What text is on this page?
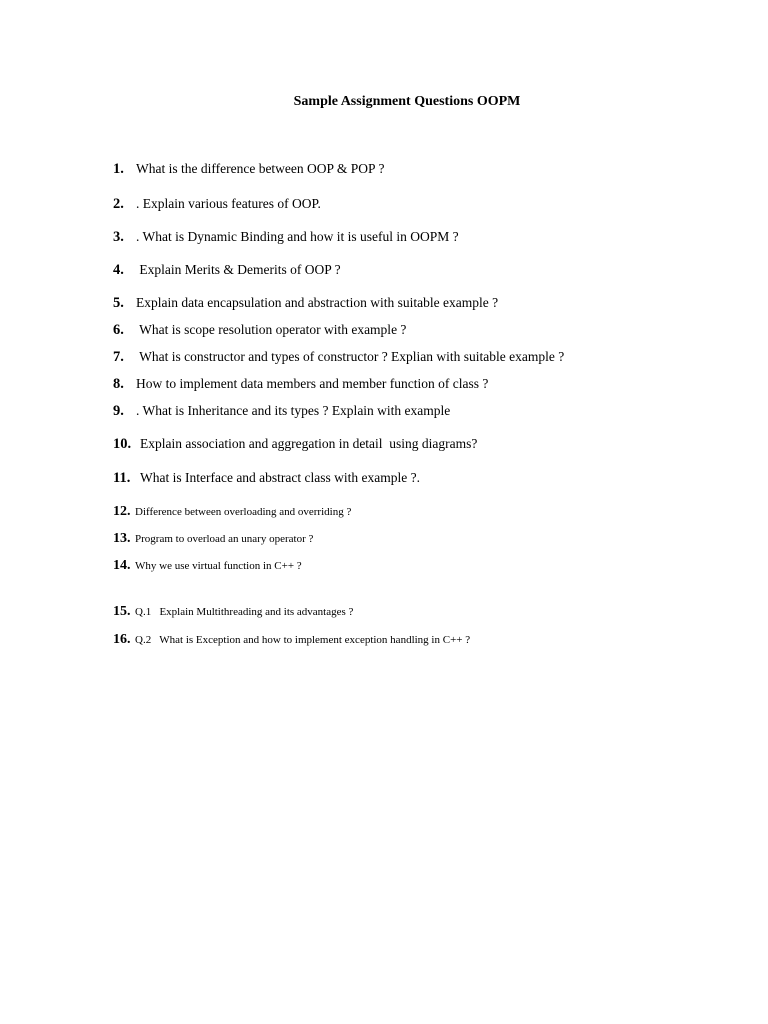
Sample Assignment Questions OOPM
1. What is the difference between OOP & POP ?
2. . Explain various features of OOP.
3. . What is Dynamic Binding and how it is useful in OOPM ?
4. Explain Merits & Demerits of OOP ?
5. Explain data encapsulation and abstraction with suitable example ?
6. What is scope resolution operator with example ?
7. What is constructor and types of constructor ? Explian with suitable example ?
8. How to implement data members and member function of class ?
9. . What is Inheritance and its types ? Explain with example
10. Explain association and aggregation in detail  using diagrams?
11. What is Interface and abstract class with example ?.
12. Difference between overloading and overriding ?
13. Program to overload an unary operator ?
14. Why we use virtual function in C++ ?
15. Q.1   Explain Multithreading and its advantages ?
16. Q.2   What is Exception and how to implement exception handling in C++ ?
